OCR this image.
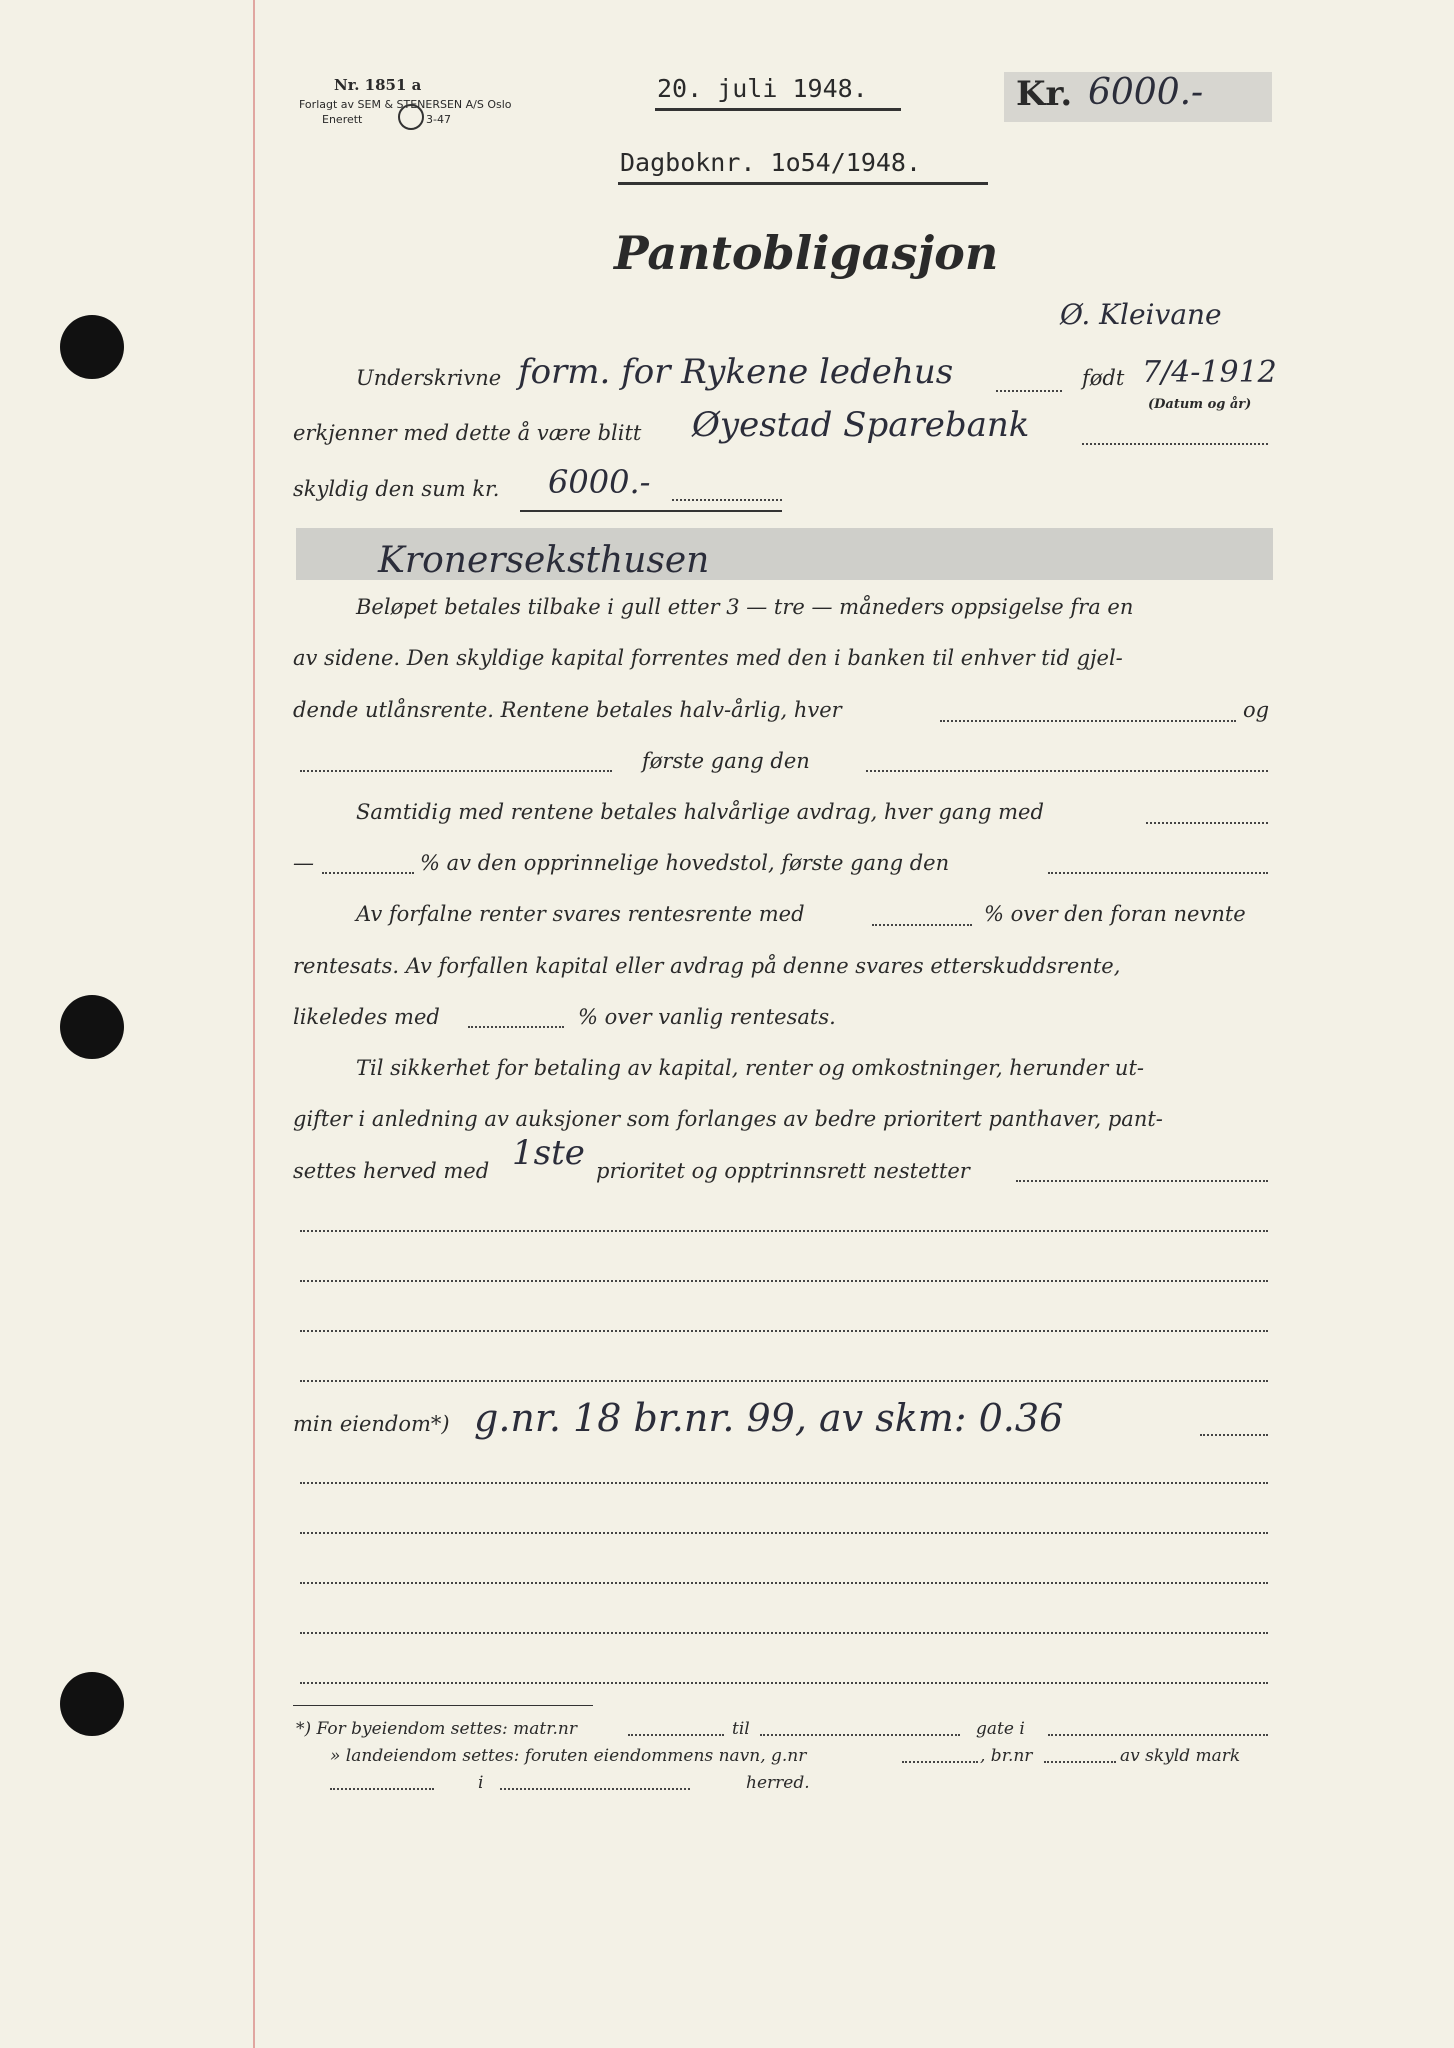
Nr. 1851 a
Forlagt av SEM & STENERSEN A/S Oslo
Enerett	3-47
20. juli 1948.	Kr. 6000.-
Dagboknr. 1o54/1948.
Pantobligasjon
Ø. Kleivane
Underskrivne form. for Rykene ledehus	født 7/4-1912
(Datum og år)
erkjenner med dette å være blitt Øyestad Sparebank
skyldig den sum kr. 6000.-
Kronerseksthusen
Beløpet betales tilbake i gull etter 3 — tre — måneders oppsigelse fra en
av sidene. Den skyldige kapital forrentes med den i banken til enhver tid gjel-
dende utlånsrente. Rentene betales halv-årlig, hver	og
første gang den
Samtidig med rentene betales halvårlige avdrag, hver gang med
—	% av den opprinnelige hovedstol, første gang den
Av forfalne renter svares rentesrente med	% over den foran nevnte
rentesats. Av forfallen kapital eller avdrag på denne svares etterskuddsrente,
likeledes med	% over vanlig rentesats.
Til sikkerhet for betaling av kapital, renter og omkostninger, herunder ut-
gifter i anledning av auksjoner som forlanges av bedre prioritert panthaver, pant-
settes herved med 1ste prioritet og opptrinnsrett nestetter
min eiendom*) g.nr. 18 br.nr. 99, av skm: 0.36
*) For byeiendom settes: matr.nr	til	gate i
» landeiendom settes: foruten eiendommens navn, g.nr	, br.nr	av skyld mark
i	herred.
